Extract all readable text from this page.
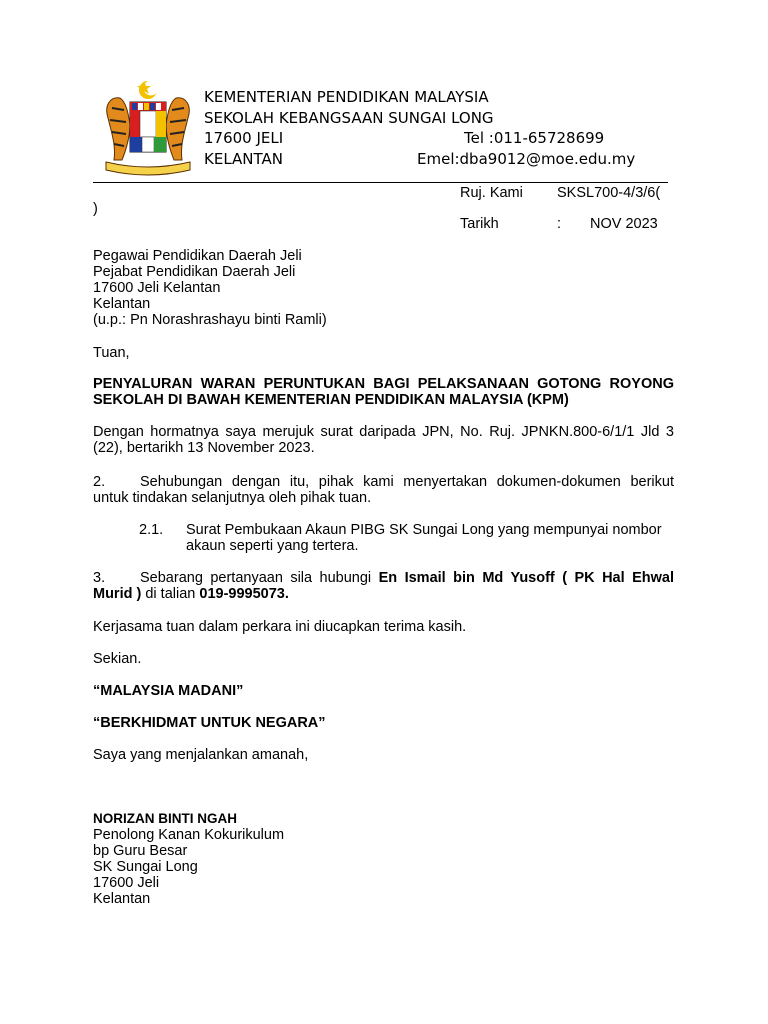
KEMENTERIAN PENDIDIKAN MALAYSIA
SEKOLAH KEBANGSAAN SUNGAI LONG
17600 JELI	Tel :011-65728699
KELANTAN	Emel:dba9012@moe.edu.my
Ruj. Kami SKSL700-4/3/6(
)
Tarikh	: NOV 2023
Pegawai Pendidikan Daerah Jeli
Pejabat Pendidikan Daerah Jeli
17600 Jeli Kelantan
Kelantan
(u.p.: Pn Norashrashayu binti Ramli)
Tuan,
PENYALURAN WARAN PERUNTUKAN BAGI PELAKSANAAN GOTONG ROYONG SEKOLAH DI BAWAH KEMENTERIAN PENDIDIKAN MALAYSIA (KPM)
Dengan hormatnya saya merujuk surat daripada JPN, No. Ruj. JPNKN.800-6/1/1 Jld 3 (22), bertarikh 13 November 2023.
2. Sehubungan dengan itu, pihak kami menyertakan dokumen-dokumen berikut untuk tindakan selanjutnya oleh pihak tuan.
2.1. Surat Pembukaan Akaun PIBG SK Sungai Long yang mempunyai nombor akaun seperti yang tertera.
3. Sebarang pertanyaan sila hubungi En Ismail bin Md Yusoff ( PK Hal Ehwal Murid ) di talian 019-9995073.
Kerjasama tuan dalam perkara ini diucapkan terima kasih.
Sekian.
“MALAYSIA MADANI”
“BERKHIDMAT UNTUK NEGARA”
Saya yang menjalankan amanah,
NORIZAN BINTI NGAH
Penolong Kanan Kokurikulum
bp Guru Besar
SK Sungai Long
17600 Jeli
Kelantan
